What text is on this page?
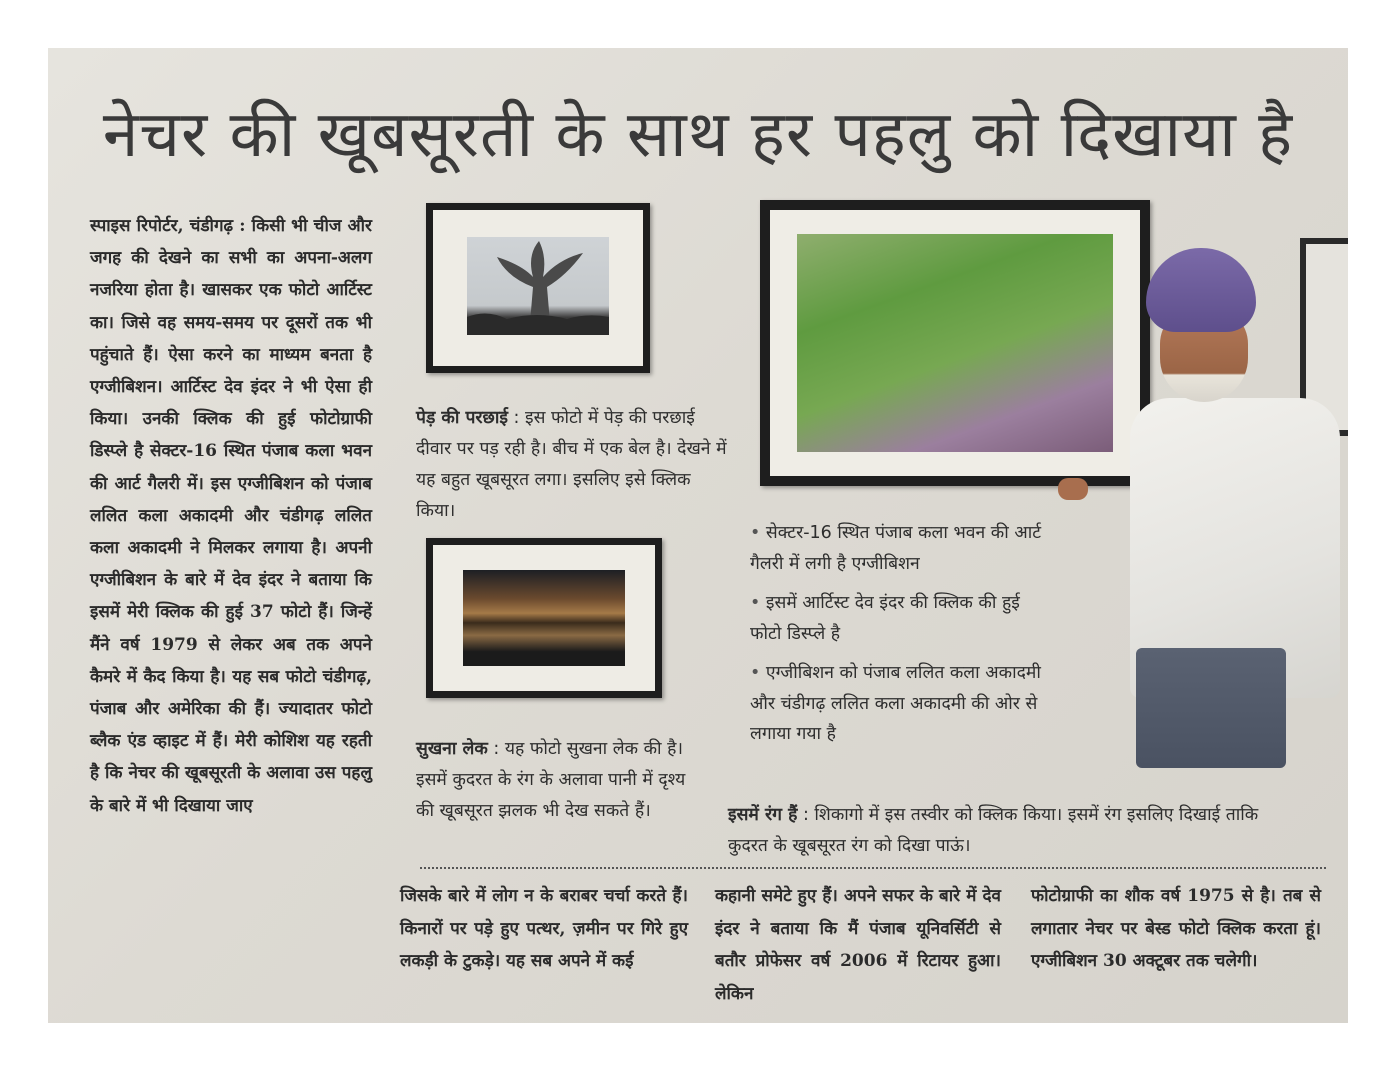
नेचर की खूबसूरती के साथ हर पहलु को दिखाया है

स्पाइस रिपोर्टर, चंडीगढ़ : किसी भी चीज और जगह की देखने का सभी का अपना-अलग नजरिया होता है। खासकर एक फोटो आर्टिस्ट का। जिसे वह समय-समय पर दूसरों तक भी पहुंचाते हैं। ऐसा करने का माध्यम बनता है एग्जीबिशन। आर्टिस्ट देव इंदर ने भी ऐसा ही किया। उनकी क्लिक की हुई फोटोग्राफी डिस्प्ले है सेक्टर-16 स्थित पंजाब कला भवन की आर्ट गैलरी में। इस एग्जीबिशन को पंजाब ललित कला अकादमी और चंडीगढ़ ललित कला अकादमी ने मिलकर लगाया है। अपनी एग्जीबिशन के बारे में देव इंदर ने बताया कि इसमें मेरी क्लिक की हुई 37 फोटो हैं। जिन्हें मैंने वर्ष 1979 से लेकर अब तक अपने कैमरे में कैद किया है। यह सब फोटो चंडीगढ़, पंजाब और अमेरिका की हैं। ज्यादातर फोटो ब्लैक एंड व्हाइट में हैं। मेरी कोशिश यह रहती है कि नेचर की खूबसूरती के अलावा उस पहलु के बारे में भी दिखाया जाए

पेड़ की परछाई : इस फोटो में पेड़ की परछाई दीवार पर पड़ रही है। बीच में एक बेल है। देखने में यह बहुत खूबसूरत लगा। इसलिए इसे क्लिक किया।

सुखना लेक : यह फोटो सुखना लेक की है। इसमें कुदरत के रंग के अलावा पानी में दृश्य की खूबसूरत झलक भी देख सकते हैं।

• सेक्टर-16 स्थित पंजाब कला भवन की आर्ट गैलरी में लगी है एग्जीबिशन
• इसमें आर्टिस्ट देव इंदर की क्लिक की हुई फोटो डिस्प्ले है
• एग्जीबिशन को पंजाब ललित कला अकादमी और चंडीगढ़ ललित कला अकादमी की ओर से लगाया गया है

इसमें रंग हैं : शिकागो में इस तस्वीर को क्लिक किया। इसमें रंग इसलिए दिखाई ताकि कुदरत के खूबसूरत रंग को दिखा पाऊं।

जिसके बारे में लोग न के बराबर चर्चा करते हैं। किनारों पर पड़े हुए पत्थर, ज़मीन पर गिरे हुए लकड़ी के टुकड़े। यह सब अपने में कई

कहानी समेटे हुए हैं। अपने सफर के बारे में देव इंदर ने बताया कि मैं पंजाब यूनिवर्सिटी से बतौर प्रोफेसर वर्ष 2006 में रिटायर हुआ। लेकिन

फोटोग्राफी का शौक वर्ष 1975 से है। तब से लगातार नेचर पर बेस्ड फोटो क्लिक करता हूं। एग्जीबिशन 30 अक्टूबर तक चलेगी।
